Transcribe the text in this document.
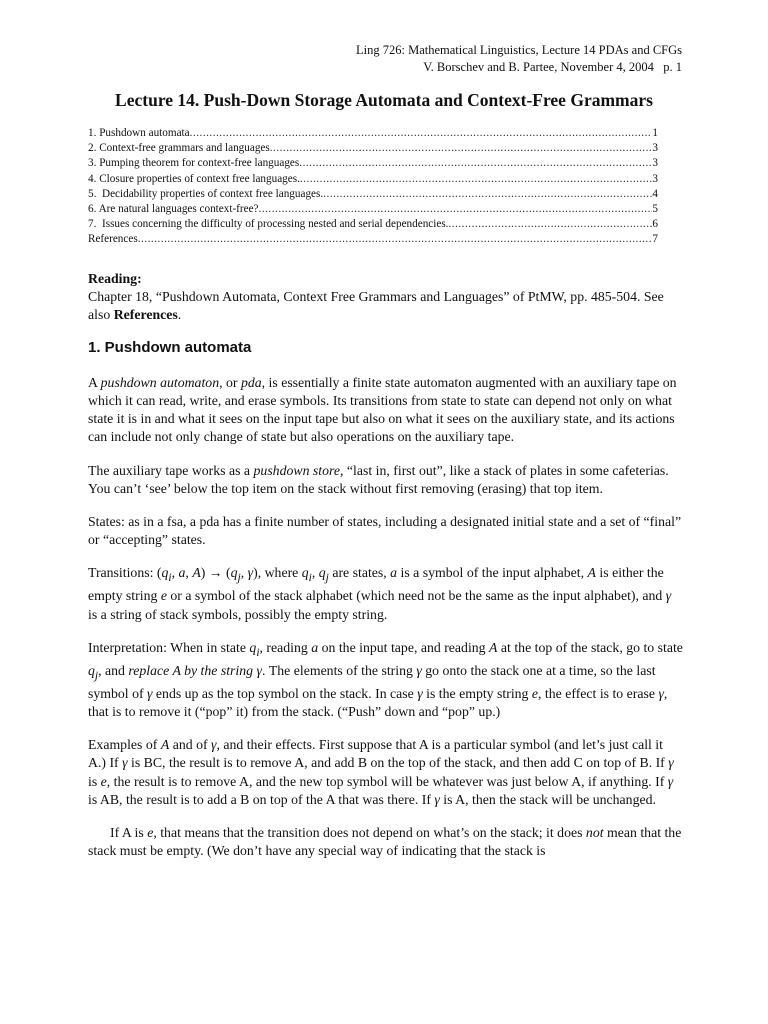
Ling 726: Mathematical Linguistics, Lecture 14 PDAs and CFGs
V. Borschev and B. Partee, November 4, 2004   p. 1
Lecture 14. Push-Down Storage Automata and Context-Free Grammars
1. Pushdown automata .....	1
2. Context-free grammars and languages .....	3
3. Pumping theorem for context-free languages .....	3
4. Closure properties of context free languages. .....	3
5.  Decidability properties of context free languages. .....	4
6. Are natural languages context-free? .....	5
7.  Issues concerning the difficulty of processing nested and serial dependencies. .....	6
References .....	7

Reading:
Chapter 18, “Pushdown Automata, Context Free Grammars and Languages” of PtMW, pp. 485-504. See also References.

1. Pushdown automata

A pushdown automaton, or pda, is essentially a finite state automaton augmented with an auxiliary tape on which it can read, write, and erase symbols. Its transitions from state to state can depend not only on what state it is in and what it sees on the input tape but also on what it sees on the auxiliary state, and its actions can include not only change of state but also operations on the auxiliary tape.

The auxiliary tape works as a pushdown store, “last in, first out”, like a stack of plates in some cafeterias. You can’t ‘see’ below the top item on the stack without first removing (erasing) that top item.

States: as in a fsa, a pda has a finite number of states, including a designated initial state and a set of “final” or “accepting” states.

Transitions: ($q_i$, a, $A) \to (q_j$, γ), where $q_i$, $q_j$ are states, a is a symbol of the input alphabet, A is either the empty string e or a symbol of the stack alphabet (which need not be the same as the input alphabet), and γ is a string of stack symbols, possibly the empty string.

Interpretation: When in state $q_i$, reading a on the input tape, and reading A at the top of the stack, go to state $q_j$, and replace A by the string γ. The elements of the string γ go onto the stack one at a time, so the last symbol of γ ends up as the top symbol on the stack. In case γ is the empty string e, the effect is to erase γ, that is to remove it (“pop” it) from the stack. (“Push” down and “pop” up.)

Examples of A and of γ, and their effects. First suppose that A is a particular symbol (and let’s just call it A.) If γ is BC, the result is to remove A, and add B on the top of the stack, and then add C on top of B. If γ is e, the result is to remove A, and the new top symbol will be whatever was just below A, if anything. If γ is AB, the result is to add a B on top of the A that was there. If γ is A, then the stack will be unchanged.

If A is e, that means that the transition does not depend on what’s on the stack; it does not mean that the stack must be empty. (We don’t have any special way of indicating that the stack is
